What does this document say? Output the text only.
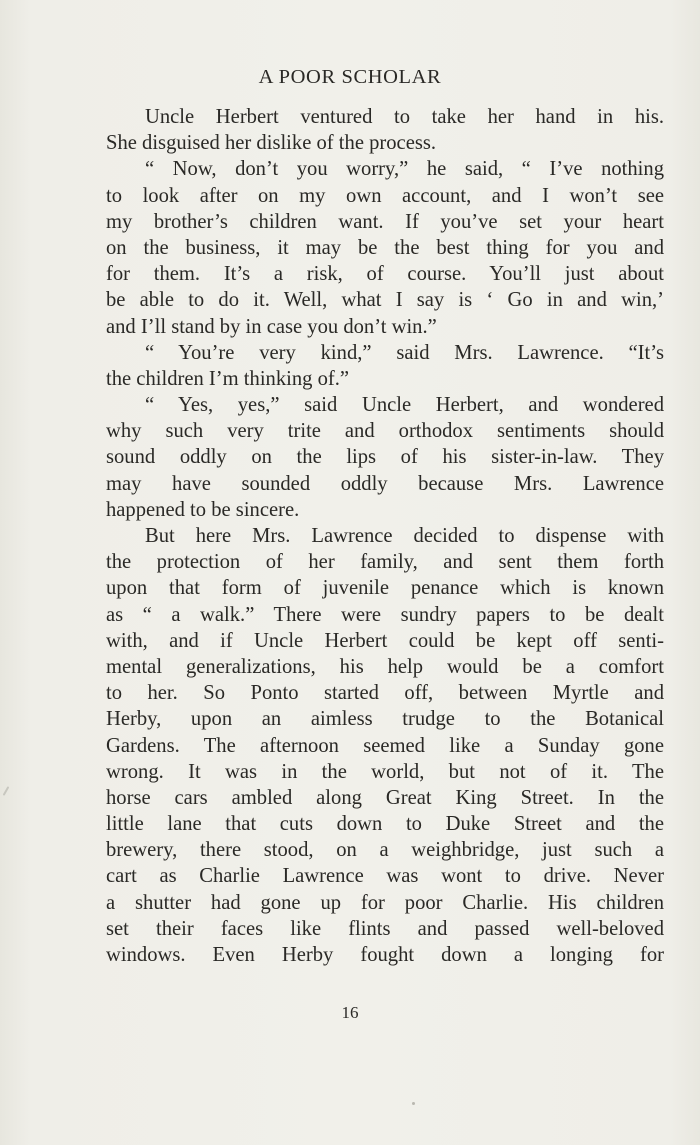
A POOR SCHOLAR
Uncle Herbert ventured to take her hand in his.
She disguised her dislike of the process.
“ Now, don’t you worry,” he said, “ I’ve nothing
to look after on my own account, and I won’t see
my brother’s children want. If you’ve set your heart
on the business, it may be the best thing for you and
for them. It’s a risk, of course. You’ll just about
be able to do it. Well, what I say is ‘ Go in and win,’
and I’ll stand by in case you don’t win.”
“ You’re very kind,” said Mrs. Lawrence. “It’s
the children I’m thinking of.”
“ Yes, yes,” said Uncle Herbert, and wondered
why such very trite and orthodox sentiments should
sound oddly on the lips of his sister-in-law. They
may have sounded oddly because Mrs. Lawrence
happened to be sincere.
But here Mrs. Lawrence decided to dispense with
the protection of her family, and sent them forth
upon that form of juvenile penance which is known
as “ a walk.” There were sundry papers to be dealt
with, and if Uncle Herbert could be kept off senti-
mental generalizations, his help would be a comfort
to her. So Ponto started off, between Myrtle and
Herby, upon an aimless trudge to the Botanical
Gardens. The afternoon seemed like a Sunday gone
wrong. It was in the world, but not of it. The
horse cars ambled along Great King Street. In the
little lane that cuts down to Duke Street and the
brewery, there stood, on a weighbridge, just such a
cart as Charlie Lawrence was wont to drive. Never
a shutter had gone up for poor Charlie. His children
set their faces like flints and passed well-beloved
windows. Even Herby fought down a longing for
16
